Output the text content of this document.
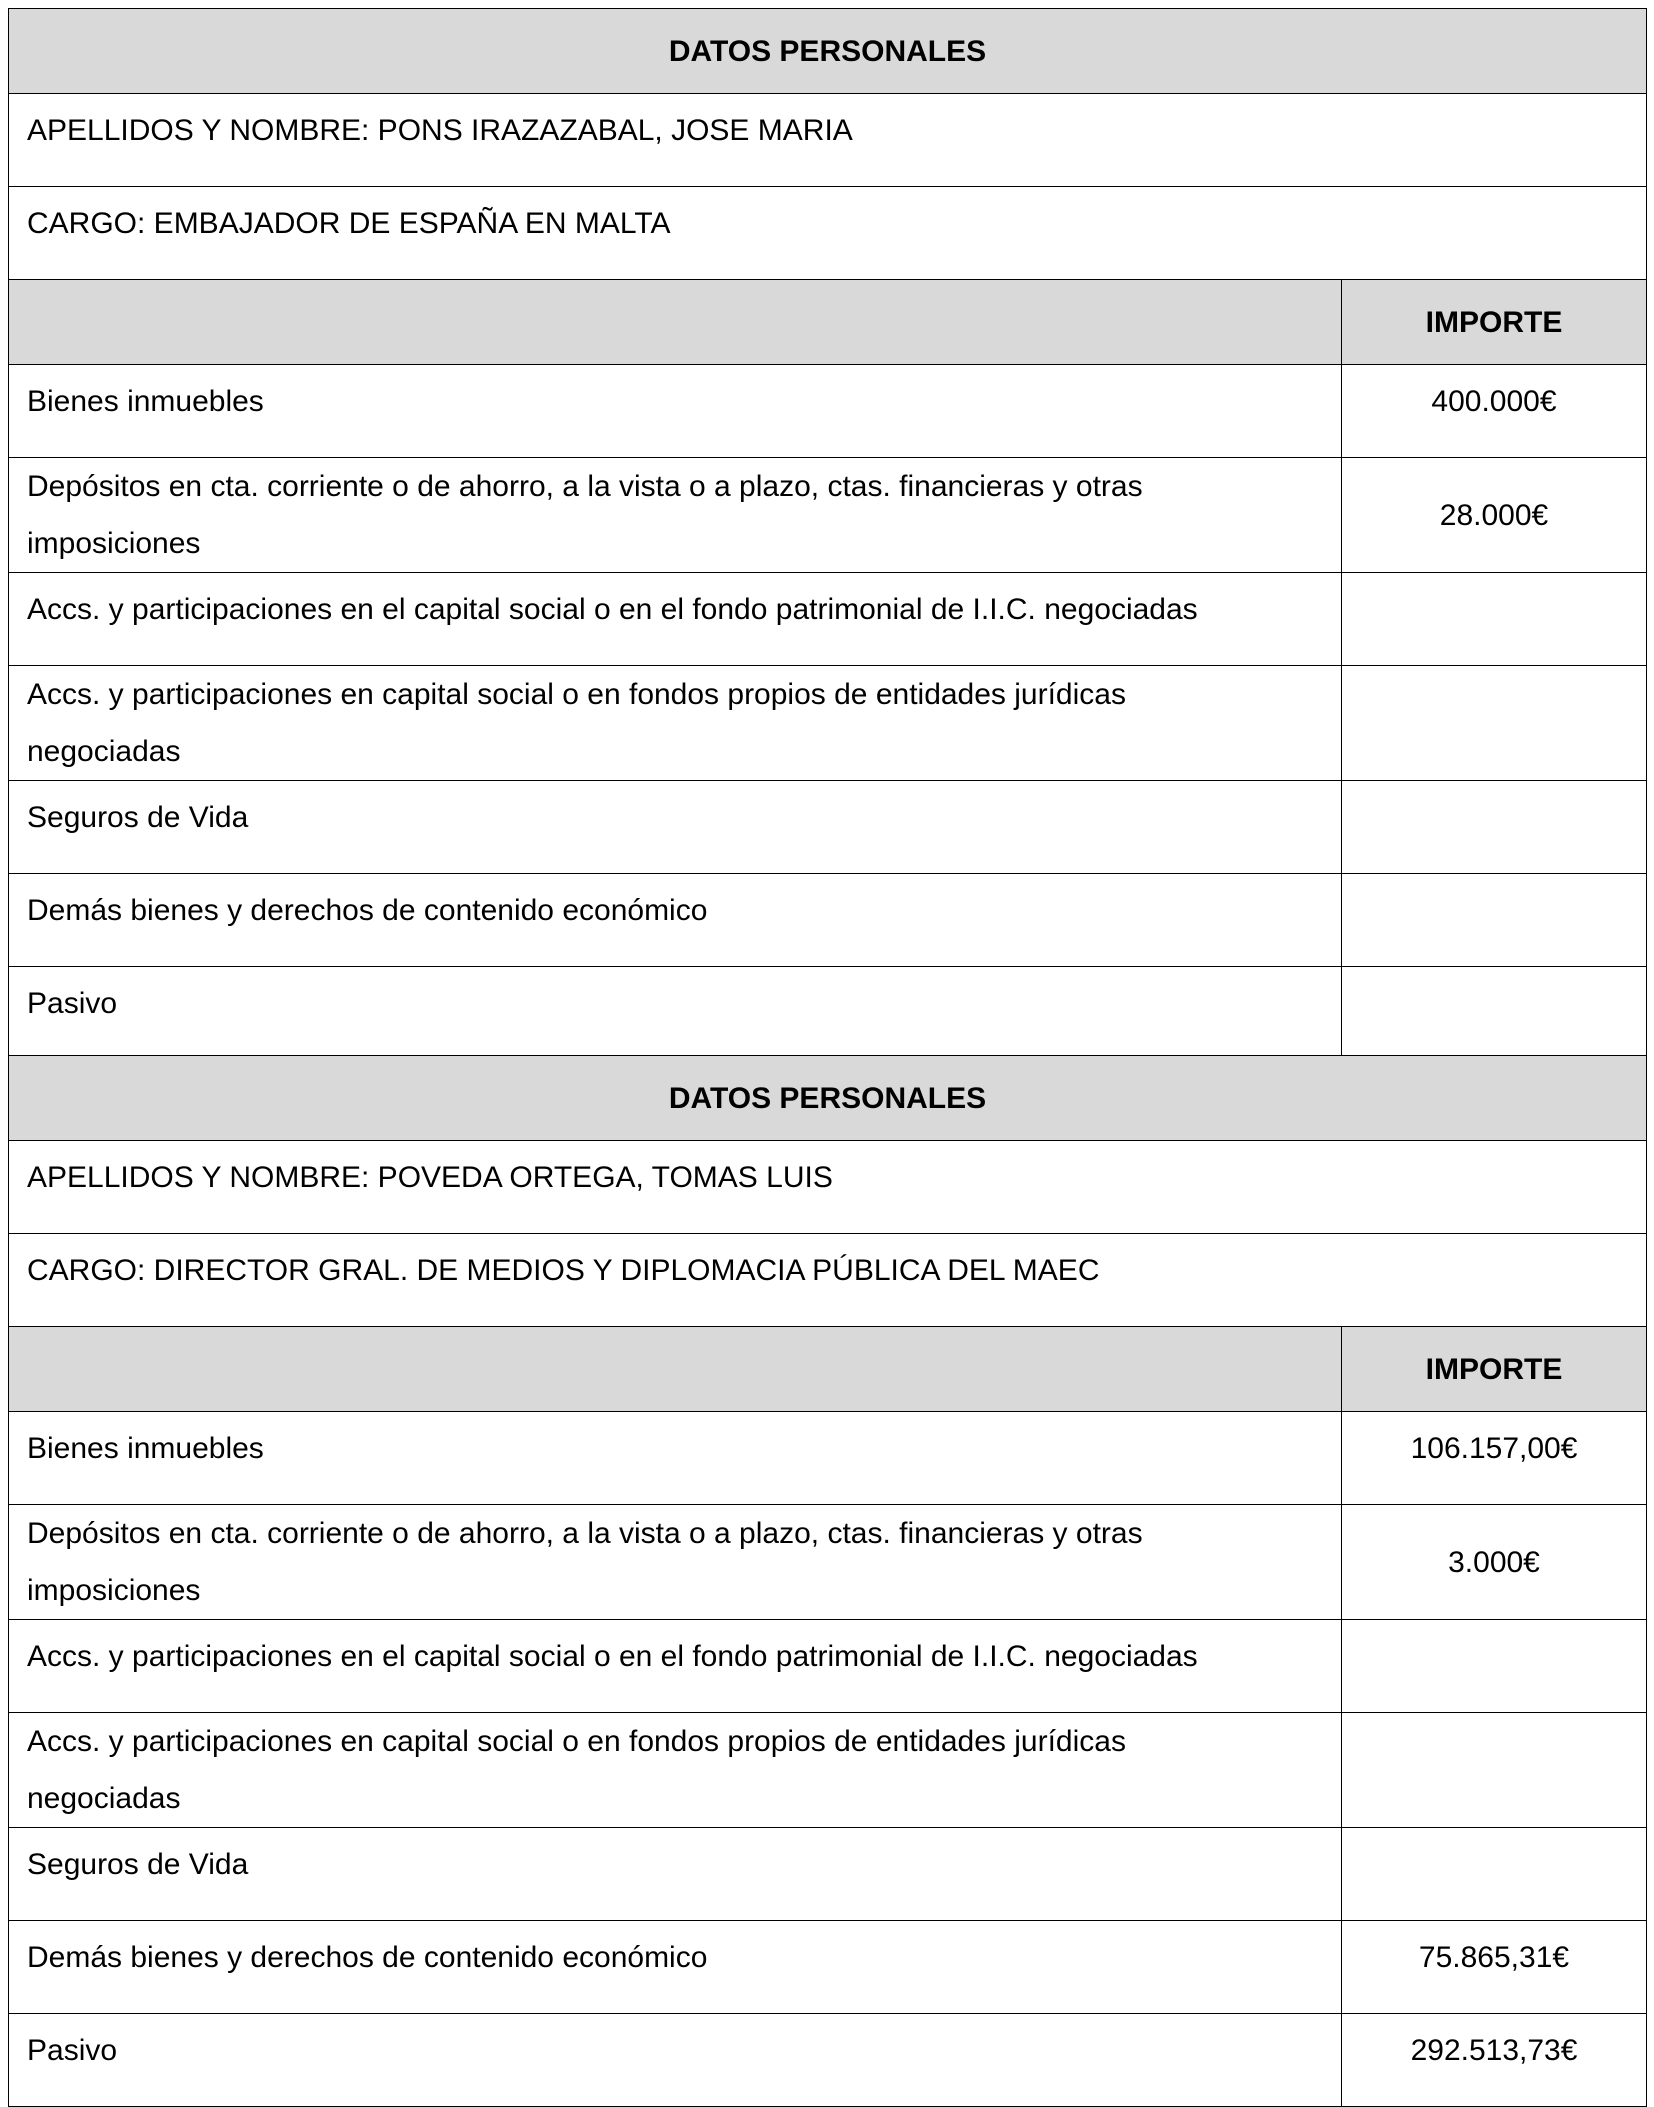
DATOS PERSONALES	
APELLIDOS Y NOMBRE: PONS IRAZAZABAL, JOSE MARIA	
CARGO: EMBAJADOR DE ESPAÑA EN MALTA	
	IMPORTE
Bienes inmuebles	400.000€

Depósitos en cta. corriente o de ahorro, a la vista o a plazo, ctas. financieras y otras
imposiciones	28.000€
Accs. y participaciones en el capital social o en el fondo patrimonial de I.I.C. negociadas	

Accs. y participaciones en capital social o en fondos propios de entidades jurídicas
negociadas	

Seguros de Vida	
Demás bienes y derechos de contenido económico	
Pasivo	
DATOS PERSONALES	
APELLIDOS Y NOMBRE: POVEDA ORTEGA, TOMAS LUIS	
CARGO: DIRECTOR GRAL. DE MEDIOS Y DIPLOMACIA PÚBLICA DEL MAEC	
	IMPORTE
Bienes inmuebles	106.157,00€

Depósitos en cta. corriente o de ahorro, a la vista o a plazo, ctas. financieras y otras
imposiciones	3.000€
Accs. y participaciones en el capital social o en el fondo patrimonial de I.I.C. negociadas	

Accs. y participaciones en capital social o en fondos propios de entidades jurídicas
negociadas	

Seguros de Vida	
Demás bienes y derechos de contenido económico	75.865,31€
Pasivo	292.513,73€
